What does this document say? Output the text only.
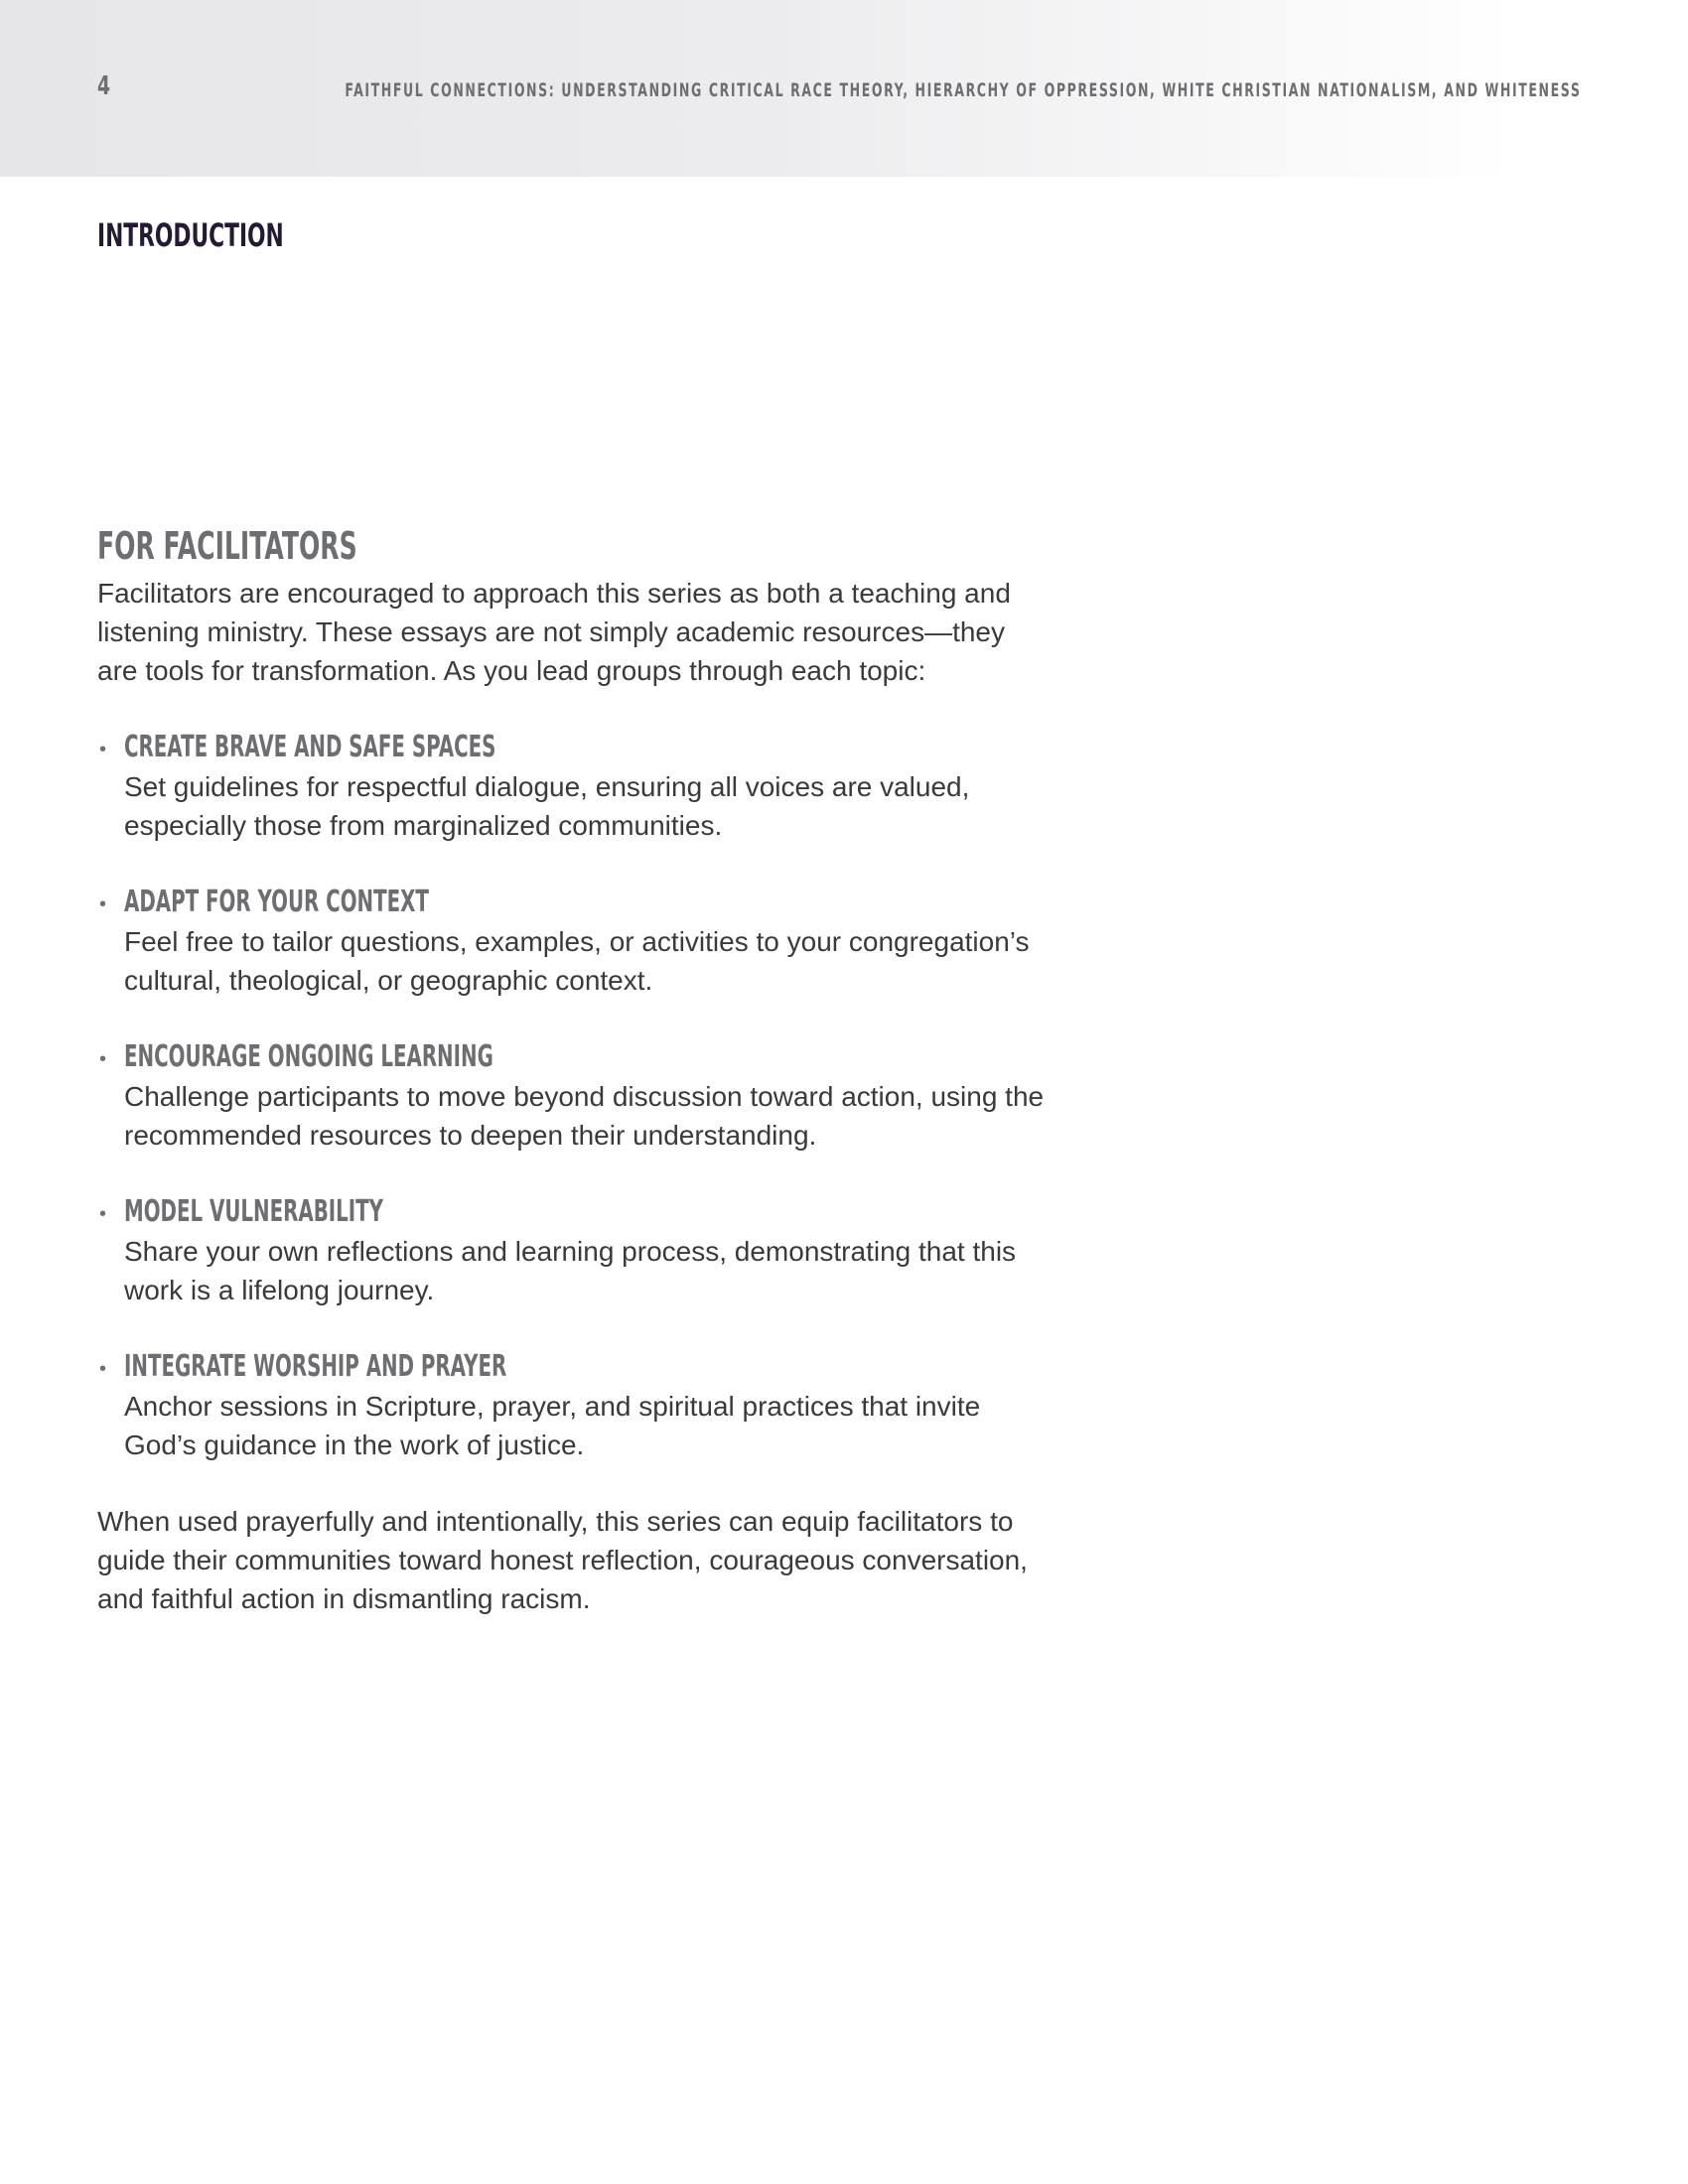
4	FAITHFUL CONNECTIONS: UNDERSTANDING CRITICAL RACE THEORY, HIERARCHY OF OPPRESSION, WHITE CHRISTIAN NATIONALISM, AND WHITENESS

INTRODUCTION
FOR FACILITATORS

Facilitators are encouraged to approach this series as both a teaching and listening ministry. These essays are not simply academic resources—they are tools for transformation. As you lead groups through each topic:

• CREATE BRAVE AND SAFE SPACES

Set guidelines for respectful dialogue, ensuring all voices are valued, especially those from marginalized communities.

• ADAPT FOR YOUR CONTEXT

Feel free to tailor questions, examples, or activities to your congregation’s cultural, theological, or geographic context.

• ENCOURAGE ONGOING LEARNING

Challenge participants to move beyond discussion toward action, using the recommended resources to deepen their understanding.

• MODEL VULNERABILITY

Share your own reflections and learning process, demonstrating that this work is a lifelong journey.

• INTEGRATE WORSHIP AND PRAYER

Anchor sessions in Scripture, prayer, and spiritual practices that invite God’s guidance in the work of justice.

When used prayerfully and intentionally, this series can equip facilitators to guide their communities toward honest reflection, courageous conversation, and faithful action in dismantling racism.
